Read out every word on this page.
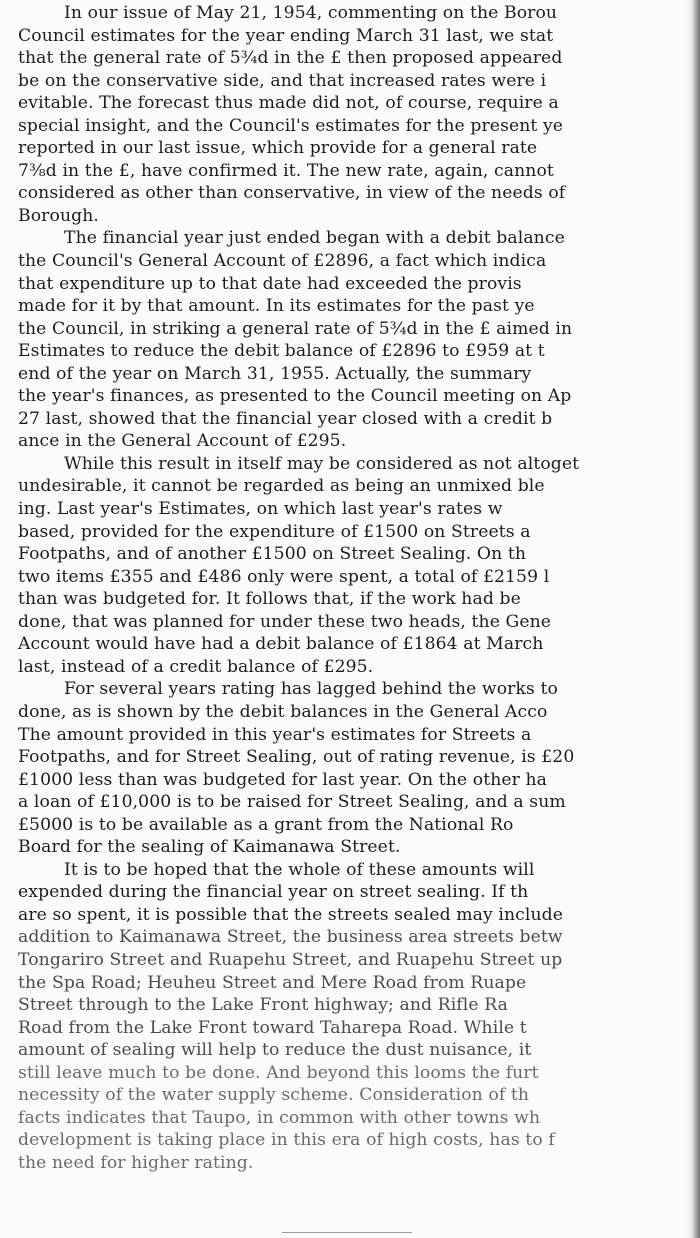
In our issue of May 21, 1954, commenting on the Borou
Council estimates for the year ending March 31 last, we stat
that the general rate of 5¾d in the £ then proposed appeared
be on the conservative side, and that increased rates were i
evitable. The forecast thus made did not, of course, require a
special insight, and the Council's estimates for the present ye
reported in our last issue, which provide for a general rate
7⅜d in the £, have confirmed it. The new rate, again, cannot
considered as other than conservative, in view of the needs of
Borough.
The financial year just ended began with a debit balance
the Council's General Account of £2896, a fact which indica
that expenditure up to that date had exceeded the provis
made for it by that amount. In its estimates for the past ye
the Council, in striking a general rate of 5¾d in the £ aimed in
Estimates to reduce the debit balance of £2896 to £959 at t
end of the year on March 31, 1955. Actually, the summary
the year's finances, as presented to the Council meeting on Ap
27 last, showed that the financial year closed with a credit b
ance in the General Account of £295.
While this result in itself may be considered as not altoget
undesirable, it cannot be regarded as being an unmixed ble
ing. Last year's Estimates, on which last year's rates w
based, provided for the expenditure of £1500 on Streets a
Footpaths, and of another £1500 on Street Sealing. On th
two items £355 and £486 only were spent, a total of £2159 l
than was budgeted for. It follows that, if the work had be
done, that was planned for under these two heads, the Gene
Account would have had a debit balance of £1864 at March
last, instead of a credit balance of £295.
For several years rating has lagged behind the works to
done, as is shown by the debit balances in the General Acco
The amount provided in this year's estimates for Streets a
Footpaths, and for Street Sealing, out of rating revenue, is £20
£1000 less than was budgeted for last year. On the other ha
a loan of £10,000 is to be raised for Street Sealing, and a sum
£5000 is to be available as a grant from the National Ro
Board for the sealing of Kaimanawa Street.
It is to be hoped that the whole of these amounts will
expended during the financial year on street sealing. If th
are so spent, it is possible that the streets sealed may include
addition to Kaimanawa Street, the business area streets betw
Tongariro Street and Ruapehu Street, and Ruapehu Street up
the Spa Road; Heuheu Street and Mere Road from Ruape
Street through to the Lake Front highway; and Rifle Ra
Road from the Lake Front toward Taharepa Road. While t
amount of sealing will help to reduce the dust nuisance, it
still leave much to be done. And beyond this looms the furt
necessity of the water supply scheme. Consideration of th
facts indicates that Taupo, in common with other towns wh
development is taking place in this era of high costs, has to f
the need for higher rating.
